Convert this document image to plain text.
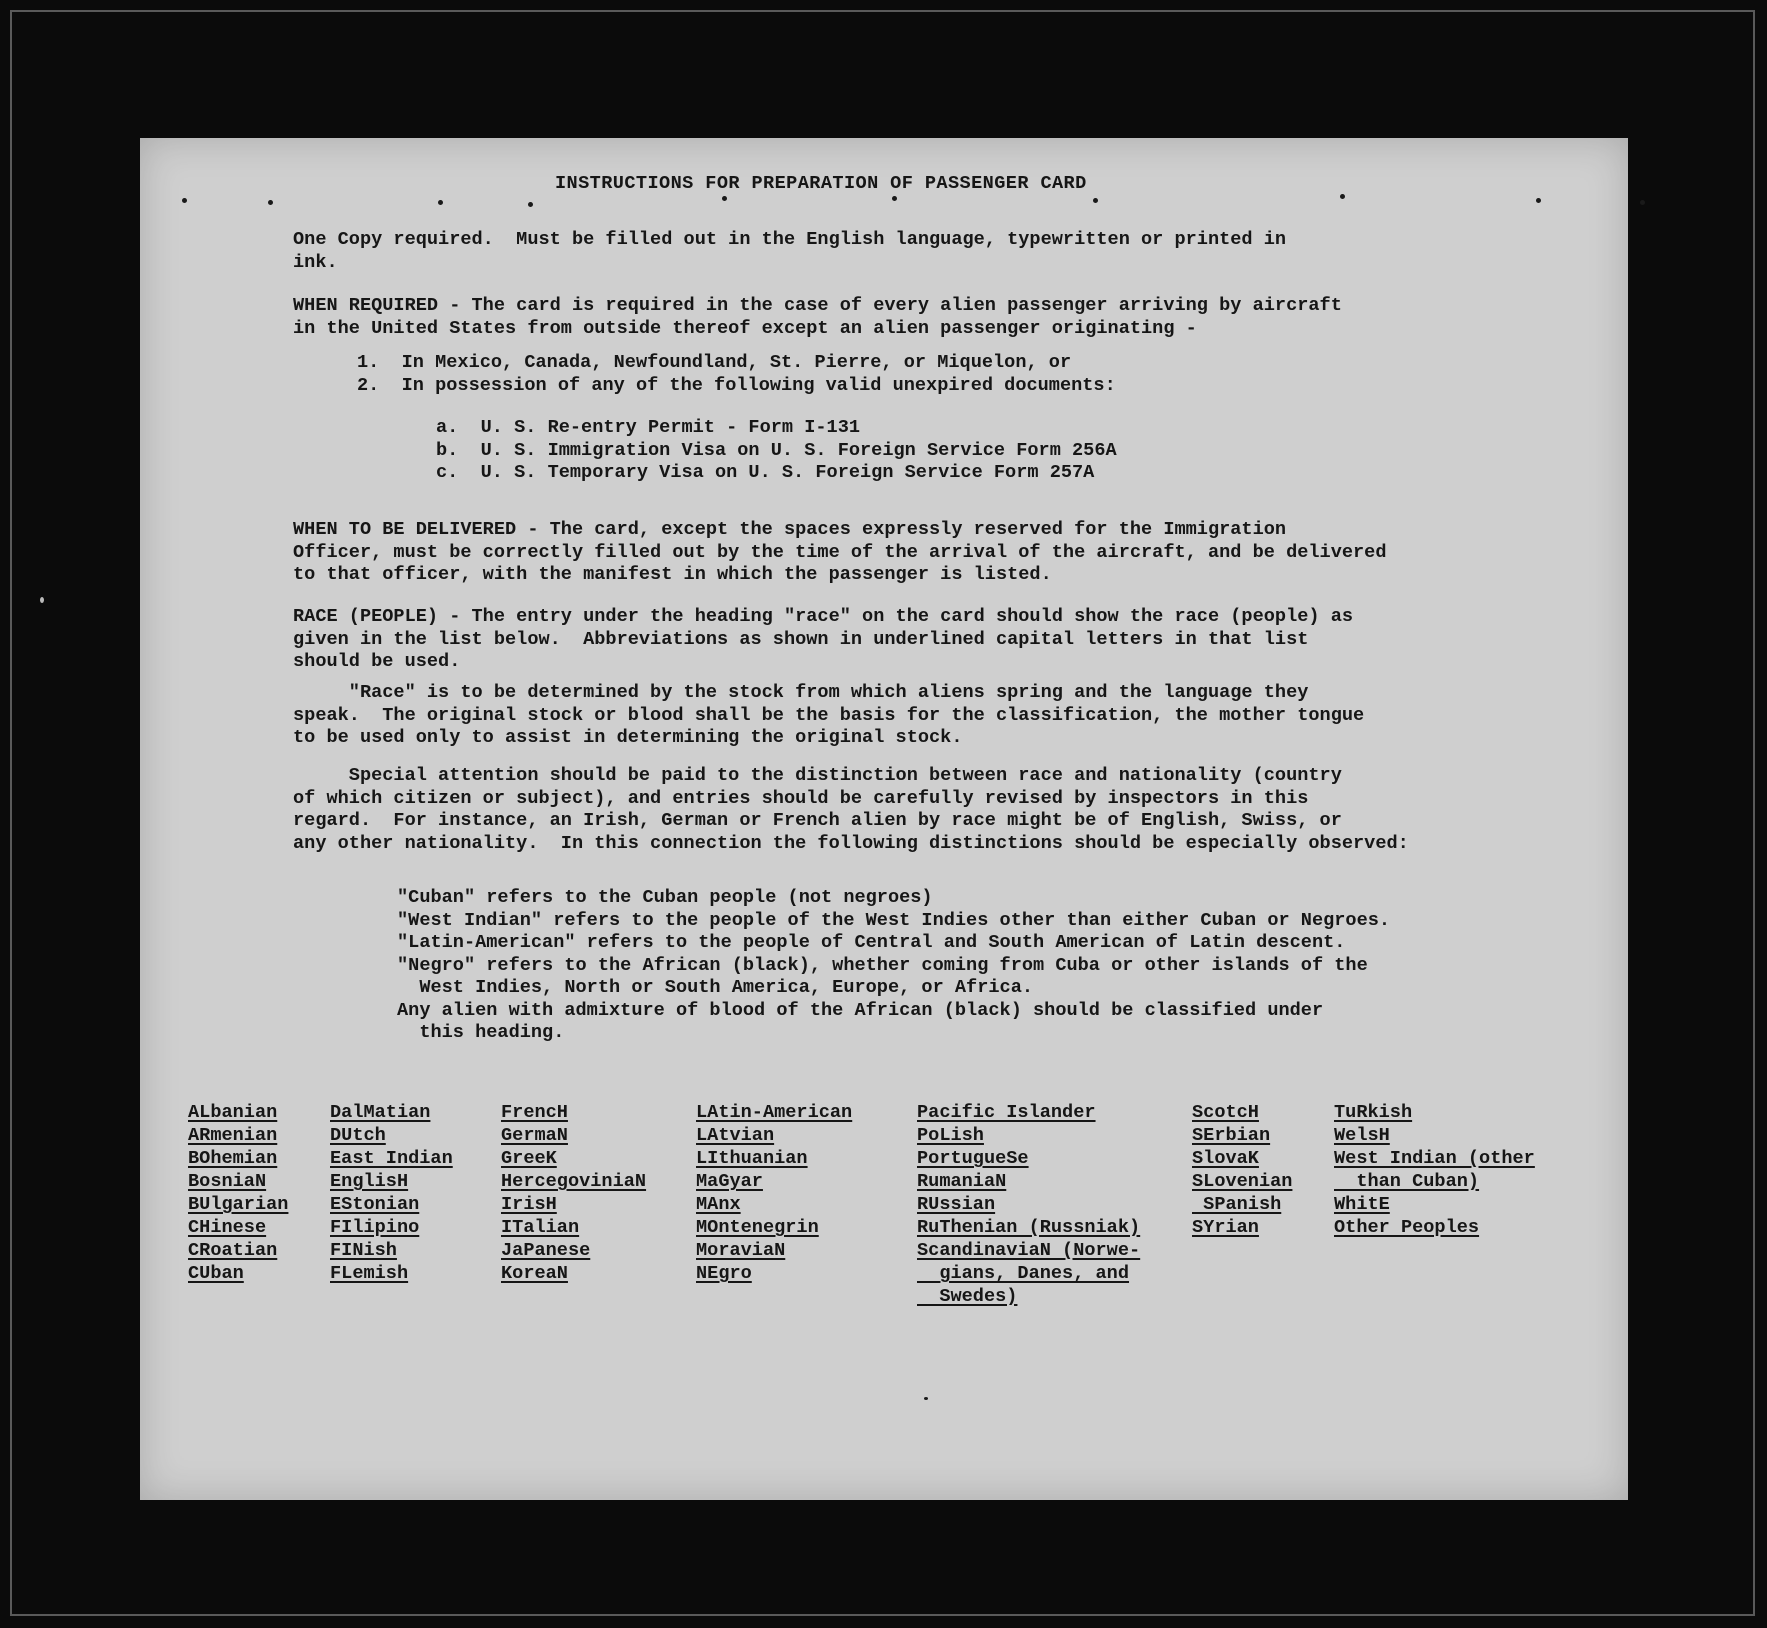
INSTRUCTIONS FOR PREPARATION OF PASSENGER CARD

One Copy required.  Must be filled out in the English language, typewritten or printed in

ink.

WHEN REQUIRED - The card is required in the case of every alien passenger arriving by aircraft

in the United States from outside thereof except an alien passenger originating -

1.  In Mexico, Canada, Newfoundland, St. Pierre, or Miquelon, or

2.  In possession of any of the following valid unexpired documents:

a.  U. S. Re-entry Permit - Form I-131

b.  U. S. Immigration Visa on U. S. Foreign Service Form 256A

c.  U. S. Temporary Visa on U. S. Foreign Service Form 257A

WHEN TO BE DELIVERED - The card, except the spaces expressly reserved for the Immigration

Officer, must be correctly filled out by the time of the arrival of the aircraft, and be delivered

to that officer, with the manifest in which the passenger is listed.

RACE (PEOPLE) - The entry under the heading "race" on the card should show the race (people) as

given in the list below.  Abbreviations as shown in underlined capital letters in that list

should be used.

"Race" is to be determined by the stock from which aliens spring and the language they

speak.  The original stock or blood shall be the basis for the classification, the mother tongue

to be used only to assist in determining the original stock.

Special attention should be paid to the distinction between race and nationality (country

of which citizen or subject), and entries should be carefully revised by inspectors in this

regard.  For instance, an Irish, German or French alien by race might be of English, Swiss, or

any other nationality.  In this connection the following distinctions should be especially observed:

"Cuban" refers to the Cuban people (not negroes)

"West Indian" refers to the people of the West Indies other than either Cuban or Negroes.

"Latin-American" refers to the people of Central and South American of Latin descent.

"Negro" refers to the African (black), whether coming from Cuba or other islands of the

West Indies, North or South America, Europe, or Africa.

Any alien with admixture of blood of the African (black) should be classified under

this heading.

ALbanian
ARmenian
BOhemian
BosniaN
BUlgarian
CHinese
CRoatian
CUban
DalMatian
DUtch
East Indian
EnglisH
EStonian
FIlipino
FINish
FLemish
FrencH
GermaN
GreeK
HercegoviniaN
IrisH
ITalian
JaPanese
KoreaN
LAtin-American
LAtvian
LIthuanian
MaGyar
MAnx
MOntenegrin
MoraviaN
NEgro
Pacific Islander
PoLish
PortugueSe
RumaniaN
RUssian
RuThenian (Russniak)
ScandinaviaN (Norwe-
gians, Danes, and
Swedes)
ScotcH
SErbian
SlovaK
SLovenian
SPanish
SYrian
TuRkish
WelsH
West Indian (other
than Cuban)
WhitE
Other Peoples
